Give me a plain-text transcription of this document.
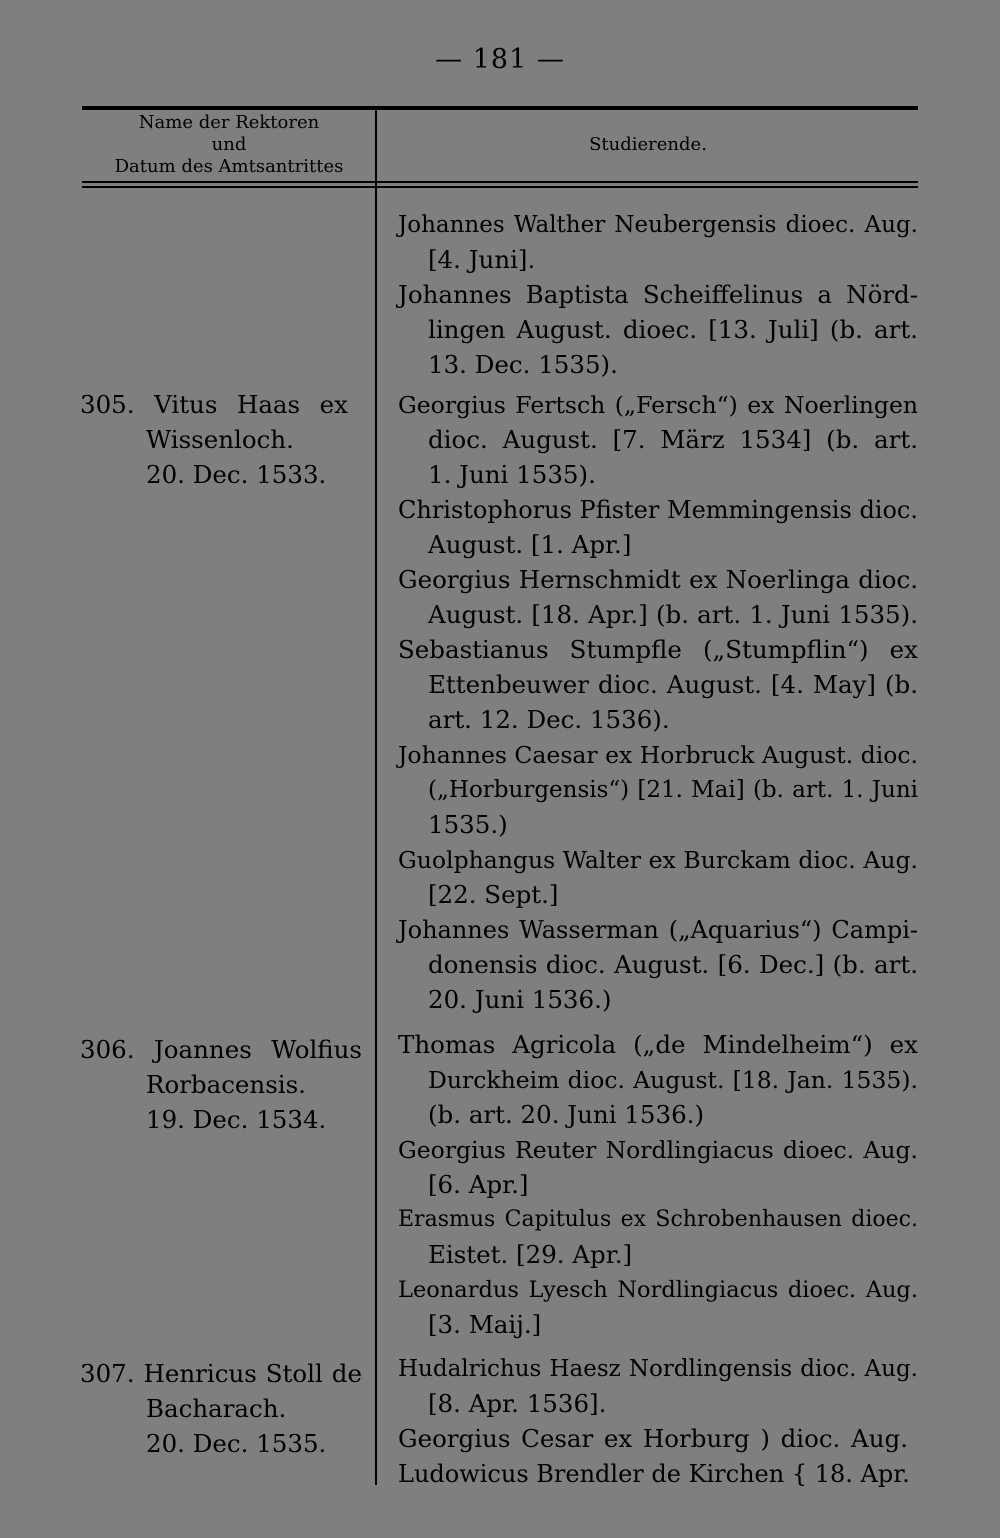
— 181 —
Name der Rektoren
und
Datum des Amtsantrittes
Studierende.
305. Vitus Haas ex
Wissenloch.
20. Dec. 1533.
306. Joannes Wolfius
Rorbacensis.
19. Dec. 1534.
307. Henricus Stoll de
Bacharach.
20. Dec. 1535.
Johannes Walther Neubergensis dioec. Aug.
[4. Juni].
Johannes Baptista Scheiffelinus a Nörd-
lingen August. dioec. [13. Juli] (b. art.
13. Dec. 1535).
Georgius Fertsch („Fersch“) ex Noerlingen
dioc. August. [7. März 1534] (b. art.
1. Juni 1535).
Christophorus Pfister Memmingensis dioc.
August. [1. Apr.]
Georgius Hernschmidt ex Noerlinga dioc.
August. [18. Apr.] (b. art. 1. Juni 1535).
Sebastianus Stumpfle („Stumpflin“) ex
Ettenbeuwer dioc. August. [4. May] (b.
art. 12. Dec. 1536).
Johannes Caesar ex Horbruck August. dioc.
(„Horburgensis“) [21. Mai] (b. art. 1. Juni
1535.)
Guolphangus Walter ex Burckam dioc. Aug.
[22. Sept.]
Johannes Wasserman („Aquarius“) Campi-
donensis dioc. August. [6. Dec.] (b. art.
20. Juni 1536.)
Thomas Agricola („de Mindelheim“) ex
Durckheim dioc. August. [18. Jan. 1535).
(b. art. 20. Juni 1536.)
Georgius Reuter Nordlingiacus dioec. Aug.
[6. Apr.]
Erasmus Capitulus ex Schrobenhausen dioec.
Eistet. [29. Apr.]
Leonardus Lyesch Nordlingiacus dioec. Aug.
[3. Maij.]
Hudalrichus Haesz Nordlingensis dioc. Aug.
[8. Apr. 1536].
Georgius Cesar ex Horburg ) dioc. Aug.
Ludowicus Brendler de Kirchen { 18. Apr.
